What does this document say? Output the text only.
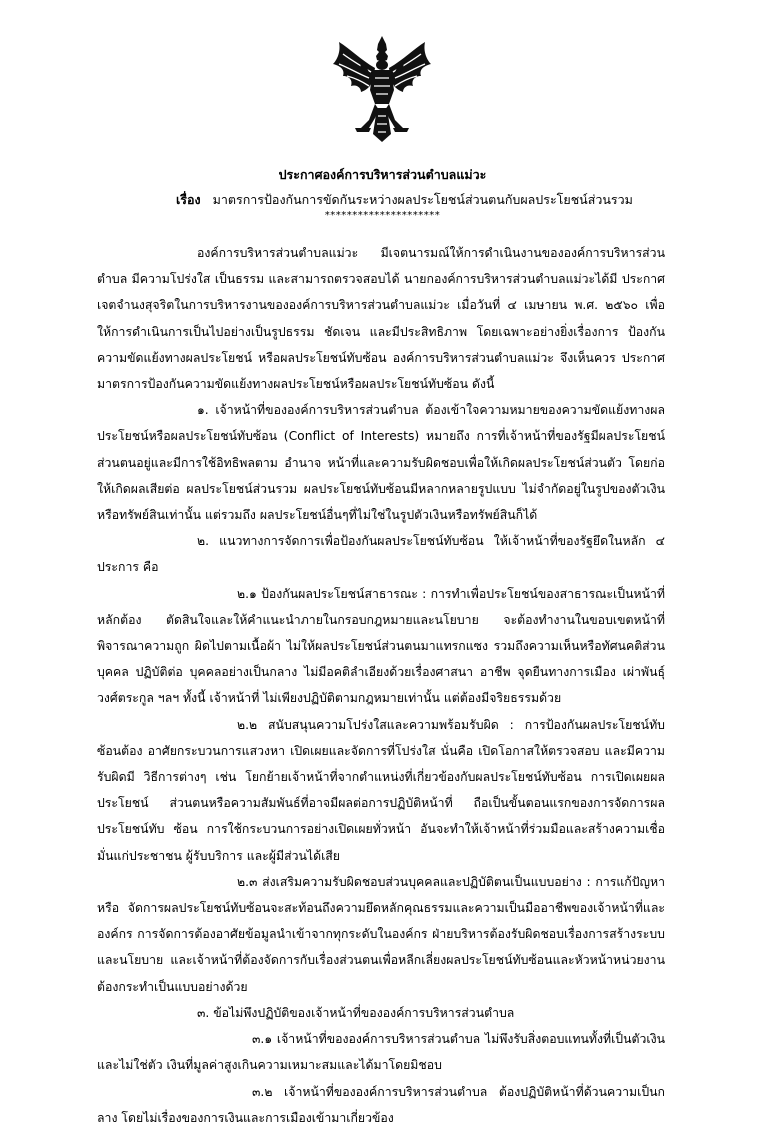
ประกาศองค์การบริหารส่วนตำบลแม่วะ
เรื่อง มาตรการป้องกันการขัดกันระหว่างผลประโยชน์ส่วนตนกับผลประโยชน์ส่วนรวม
*********************

องค์การบริหารส่วนตำบลแม่วะ มีเจตนารมณ์ให้การดำเนินงานขององค์การบริหารส่วนตำบล มีความโปร่งใส เป็นธรรม และสามารถตรวจสอบได้ นายกองค์การบริหารส่วนตำบลแม่วะได้มี ประกาศเจตจำนงสุจริตในการบริหารงานขององค์การบริหารส่วนตำบลแม่วะ เมื่อวันที่ ๔ เมษายน พ.ศ. ๒๕๖๐ เพื่อให้การดำเนินการเป็นไปอย่างเป็นรูปธรรม ชัดเจน และมีประสิทธิภาพ โดยเฉพาะอย่างยิ่งเรื่องการ ป้องกันความขัดแย้งทางผลประโยชน์ หรือผลประโยชน์ทับซ้อน องค์การบริหารส่วนตำบลแม่วะ จึงเห็นควร ประกาศมาตรการป้องกันความขัดแย้งทางผลประโยชน์หรือผลประโยชน์ทับซ้อน ดังนี้

๑. เจ้าหน้าที่ขององค์การบริหารส่วนตำบล ต้องเข้าใจความหมายของความขัดแย้งทางผลประโยชน์หรือผลประโยชน์ทับซ้อน (Conflict of Interests) หมายถึง การที่เจ้าหน้าที่ของรัฐมีผลประโยชน์ส่วนตนอยู่และมีการใช้อิทธิพลตาม อำนาจ หน้าที่และความรับผิดชอบเพื่อให้เกิดผลประโยชน์ส่วนตัว โดยก่อให้เกิดผลเสียต่อ ผลประโยชน์ส่วนรวม ผลประโยชน์ทับซ้อนมีหลากหลายรูปแบบ ไม่จำกัดอยู่ในรูปของตัวเงิน หรือทรัพย์สินเท่านั้น แต่รวมถึง ผลประโยชน์อื่นๆที่ไม่ใช่ในรูปตัวเงินหรือทรัพย์สินก็ได้

๒. แนวทางการจัดการเพื่อป้องกันผลประโยชน์ทับซ้อน ให้เจ้าหน้าที่ของรัฐยึดในหลัก ๔ ประการ คือ

๒.๑ ป้องกันผลประโยชน์สาธารณะ : การทำเพื่อประโยชน์ของสาธารณะเป็นหน้าที่หลักต้อง ตัดสินใจและให้คำแนะนำภายในกรอบกฎหมายและนโยบาย จะต้องทำงานในขอบเขตหน้าที่พิจารณาความถูก ผิดไปตามเนื้อผ้า ไม่ให้ผลประโยชน์ส่วนตนมาแทรกแซง รวมถึงความเห็นหรือทัศนคติส่วนบุคคล ปฏิบัติต่อ บุคคลอย่างเป็นกลาง ไม่มีอคติลำเอียงด้วยเรื่องศาสนา อาชีพ จุดยืนทางการเมือง เผ่าพันธุ์ วงศ์ตระกูล ฯลฯ ทั้งนี้ เจ้าหน้าที่ ไม่เพียงปฏิบัติตามกฎหมายเท่านั้น แต่ต้องมีจริยธรรมด้วย

๒.๒ สนับสนุนความโปร่งใสและความพร้อมรับผิด : การป้องกันผลประโยชน์ทับซ้อนต้อง อาศัยกระบวนการแสวงหา เปิดเผยและจัดการที่โปร่งใส นั่นคือ เปิดโอกาสให้ตรวจสอบ และมีความรับผิดมี วิธีการต่างๆ เช่น โยกย้ายเจ้าหน้าที่จากตำแหน่งที่เกี่ยวข้องกับผลประโยชน์ทับซ้อน การเปิดเผยผลประโยชน์ ส่วนตนหรือความสัมพันธ์ที่อาจมีผลต่อการปฏิบัติหน้าที่ ถือเป็นขั้นตอนแรกของการจัดการผลประโยชน์ทับ ซ้อน การใช้กระบวนการอย่างเปิดเผยทั่วหน้า อันจะทำให้เจ้าหน้าที่ร่วมมือและสร้างความเชื่อมั่นแก่ประชาชน ผู้รับบริการ และผู้มีส่วนได้เสีย

๒.๓ ส่งเสริมความรับผิดชอบส่วนบุคคลและปฏิบัติตนเป็นแบบอย่าง : การแก้ปัญหาหรือ จัดการผลประโยชน์ทับซ้อนจะสะท้อนถึงความยึดหลักคุณธรรมและความเป็นมืออาชีพของเจ้าหน้าที่และองค์กร การจัดการต้องอาศัยข้อมูลนำเข้าจากทุกระดับในองค์กร ฝ่ายบริหารต้องรับผิดชอบเรื่องการสร้างระบบและนโยบาย และเจ้าหน้าที่ต้องจัดการกับเรื่องส่วนตนเพื่อหลีกเลี่ยงผลประโยชน์ทับซ้อนและหัวหน้าหน่วยงานต้องกระทำเป็นแบบอย่างด้วย

๓. ข้อไม่พึงปฏิบัติของเจ้าหน้าที่ขององค์การบริหารส่วนตำบล

๓.๑ เจ้าหน้าที่ขององค์การบริหารส่วนตำบล ไม่พึงรับสิ่งตอบแทนทั้งที่เป็นตัวเงินและไม่ใช่ตัว เงินที่มูลค่าสูงเกินความเหมาะสมและได้มาโดยมิชอบ

๓.๒ เจ้าหน้าที่ขององค์การบริหารส่วนตำบล ต้องปฏิบัติหน้าที่ด้วนความเป็นกลาง โดยไม่เรื่องของการเงินและการเมืองเข้ามาเกี่ยวข้อง
